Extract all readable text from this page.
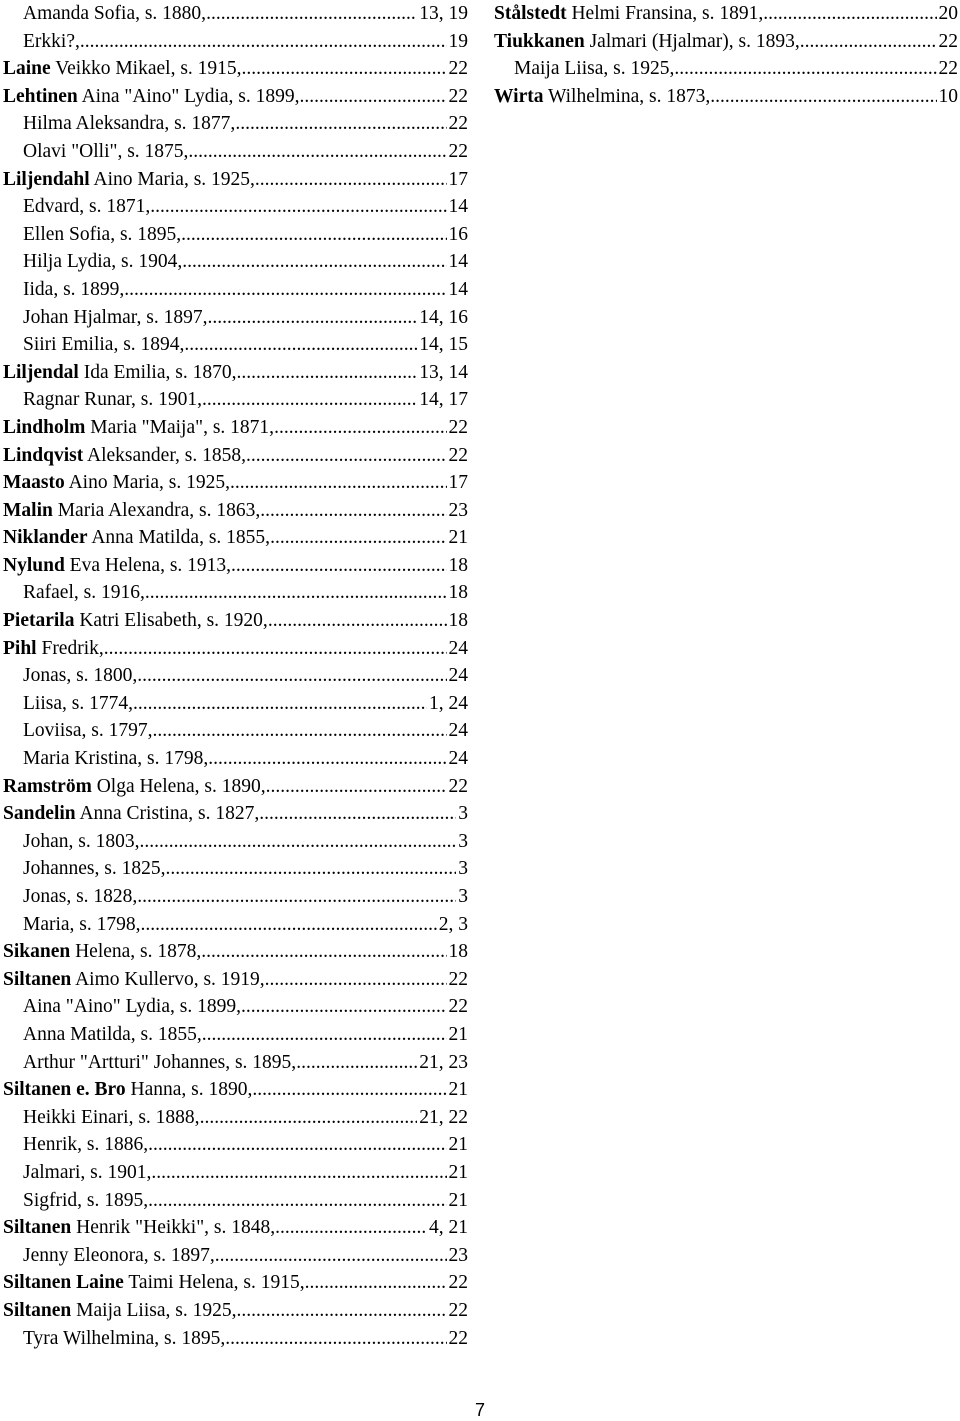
Amanda Sofia, s. 1880, .....	13, 19
Erkki?, .....	19
Laine Veikko Mikael, s. 1915, .....	22
Lehtinen Aina "Aino" Lydia, s. 1899, .....	22
Hilma Aleksandra, s. 1877, .....	22
Olavi "Olli", s. 1875, .....	22
Liljendahl Aino Maria, s. 1925, .....	17
Edvard, s. 1871, .....	14
Ellen Sofia, s. 1895, .....	16
Hilja Lydia, s. 1904, .....	14
Iida, s. 1899, .....	14
Johan Hjalmar, s. 1897, .....	14, 16
Siiri Emilia, s. 1894, .....	14, 15
Liljendal Ida Emilia, s. 1870, .....	13, 14
Ragnar Runar, s. 1901, .....	14, 17
Lindholm Maria "Maija", s. 1871, .....	22
Lindqvist Aleksander, s. 1858, .....	22
Maasto Aino Maria, s. 1925, .....	17
Malin Maria Alexandra, s. 1863, .....	23
Niklander Anna Matilda, s. 1855, .....	21
Nylund Eva Helena, s. 1913, .....	18
Rafael, s. 1916, .....	18
Pietarila Katri Elisabeth, s. 1920, .....	18
Pihl Fredrik, .....	24
Jonas, s. 1800, .....	24
Liisa, s. 1774, .....	1, 24
Loviisa, s. 1797, .....	24
Maria Kristina, s. 1798, .....	24
Ramström Olga Helena, s. 1890, .....	22
Sandelin Anna Cristina, s. 1827, .....	3
Johan, s. 1803, .....	3
Johannes, s. 1825, .....	3
Jonas, s. 1828, .....	3
Maria, s. 1798, .....	2, 3
Sikanen Helena, s. 1878, .....	18
Siltanen Aimo Kullervo, s. 1919, .....	22
Aina "Aino" Lydia, s. 1899, .....	22
Anna Matilda, s. 1855, .....	21
Arthur "Artturi" Johannes, s. 1895, .....	21, 23
Siltanen e. Bro Hanna, s. 1890, .....	21
Heikki Einari, s. 1888, .....	21, 22
Henrik, s. 1886, .....	21
Jalmari, s. 1901, .....	21
Sigfrid, s. 1895, .....	21
Siltanen Henrik "Heikki", s. 1848, .....	4, 21
Jenny Eleonora, s. 1897, .....	23
Siltanen Laine Taimi Helena, s. 1915, .....	22
Siltanen Maija Liisa, s. 1925, .....	22
Tyra Wilhelmina, s. 1895, .....	22
Stålstedt Helmi Fransina, s. 1891, .....	20
Tiukkanen Jalmari (Hjalmar), s. 1893, .....	22
Maija Liisa, s. 1925, .....	22
Wirta Wilhelmina, s. 1873, .....	10
7
